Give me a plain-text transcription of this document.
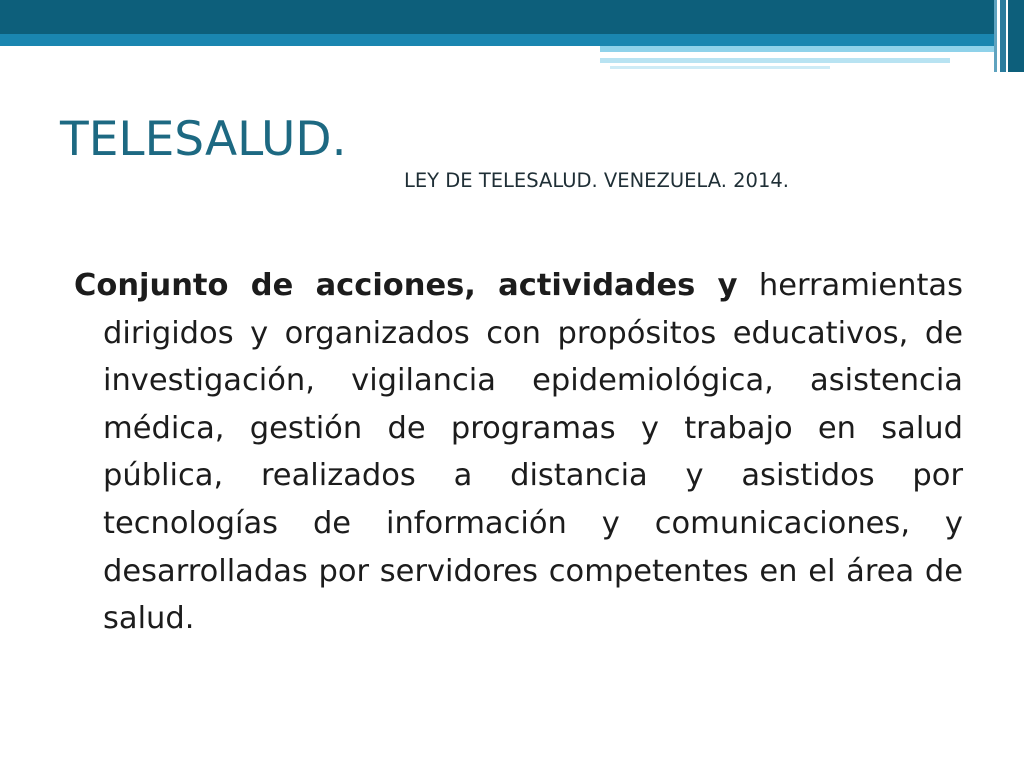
TELESALUD.

LEY DE TELESALUD. VENEZUELA. 2014.

Conjunto de acciones, actividades y herramientas dirigidos y organizados con propósitos educativos, de investigación, vigilancia epidemiológica, asistencia médica, gestión de programas y trabajo en salud pública, realizados a distancia y asistidos por tecnologías de información y comunicaciones, y desarrolladas por servidores competentes en el área de salud.
